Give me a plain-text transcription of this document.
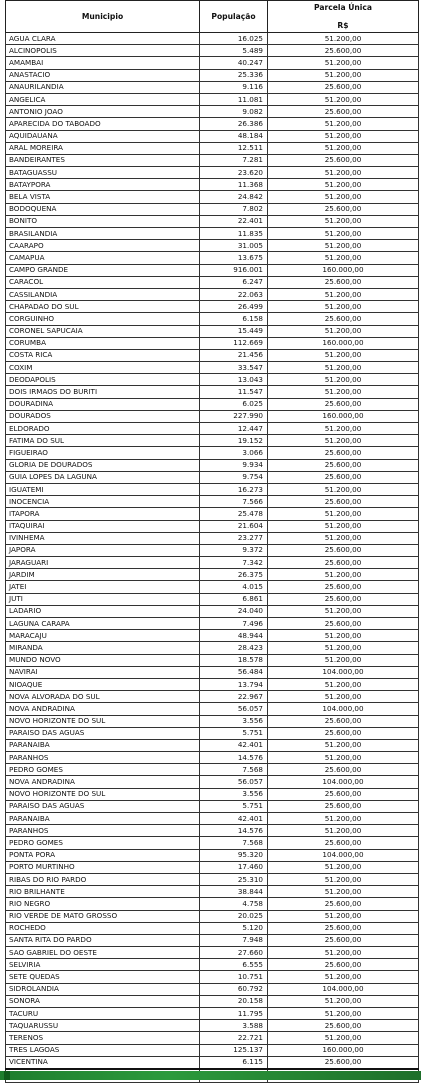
Municipio	População	Parcela Única
R$

AGUA CLARA	16.025	51.200,00
ALCINOPOLIS	5.489	25.600,00
AMAMBAI	40.247	51.200,00
ANASTACIO	25.336	51.200,00
ANAURILANDIA	9.116	25.600,00
ANGELICA	11.081	51.200,00
ANTONIO JOAO	9.082	25.600,00
APARECIDA DO TABOADO	26.386	51.200,00
AQUIDAUANA	48.184	51.200,00
ARAL MOREIRA	12.511	51.200,00
BANDEIRANTES	7.281	25.600,00
BATAGUASSU	23.620	51.200,00
BATAYPORA	11.368	51.200,00
BELA VISTA	24.842	51.200,00
BODOQUENA	7.802	25.600,00
BONITO	22.401	51.200,00
BRASILANDIA	11.835	51.200,00
CAARAPO	31.005	51.200,00
CAMAPUA	13.675	51.200,00
CAMPO GRANDE	916.001	160.000,00
CARACOL	6.247	25.600,00
CASSILANDIA	22.063	51.200,00
CHAPADAO DO SUL	26.499	51.200,00
CORGUINHO	6.158	25.600,00
CORONEL SAPUCAIA	15.449	51.200,00
CORUMBA	112.669	160.000,00
COSTA RICA	21.456	51.200,00
COXIM	33.547	51.200,00
DEODAPOLIS	13.043	51.200,00
DOIS IRMAOS DO BURITI	11.547	51.200,00
DOURADINA	6.025	25.600,00
DOURADOS	227.990	160.000,00
ELDORADO	12.447	51.200,00
FATIMA DO SUL	19.152	51.200,00
FIGUEIRAO	3.066	25.600,00
GLORIA DE DOURADOS	9.934	25.600,00
GUIA LOPES DA LAGUNA	9.754	25.600,00
IGUATEMI	16.273	51.200,00
INOCENCIA	7.566	25.600,00
ITAPORA	25.478	51.200,00
ITAQUIRAI	21.604	51.200,00
IVINHEMA	23.277	51.200,00
JAPORA	9.372	25.600,00
JARAGUARI	7.342	25.600,00
JARDIM	26.375	51.200,00
JATEI	4.015	25.600,00
JUTI	6.861	25.600,00
LADARIO	24.040	51.200,00
LAGUNA CARAPA	7.496	25.600,00
MARACAJU	48.944	51.200,00
MIRANDA	28.423	51.200,00
MUNDO NOVO	18.578	51.200,00
NAVIRAI	56.484	104.000,00
NIOAQUE	13.794	51.200,00
NOVA ALVORADA DO SUL	22.967	51.200,00
NOVA ANDRADINA	56.057	104.000,00
NOVO HORIZONTE DO SUL	3.556	25.600,00
PARAISO DAS AGUAS	5.751	25.600,00
PARANAIBA	42.401	51.200,00
PARANHOS	14.576	51.200,00
PEDRO GOMES	7.568	25.600,00
NOVA ANDRADINA	56.057	104.000,00
NOVO HORIZONTE DO SUL	3.556	25.600,00
PARAISO DAS AGUAS	5.751	25.600,00
PARANAIBA	42.401	51.200,00
PARANHOS	14.576	51.200,00
PEDRO GOMES	7.568	25.600,00
PONTA PORA	95.320	104.000,00
PORTO MURTINHO	17.460	51.200,00
RIBAS DO RIO PARDO	25.310	51.200,00
RIO BRILHANTE	38.844	51.200,00
RIO NEGRO	4.758	25.600,00
RIO VERDE DE MATO GROSSO	20.025	51.200,00
ROCHEDO	5.120	25.600,00
SANTA RITA DO PARDO	7.948	25.600,00
SAO GABRIEL DO OESTE	27.660	51.200,00
SELVIRIA	6.555	25.600,00
SETE QUEDAS	10.751	51.200,00
SIDROLANDIA	60.792	104.000,00
SONORA	20.158	51.200,00
TACURU	11.795	51.200,00
TAQUARUSSU	3.588	25.600,00
TERENOS	22.721	51.200,00
TRES LAGOAS	125.137	160.000,00
VICENTINA	6.115	25.600,00
